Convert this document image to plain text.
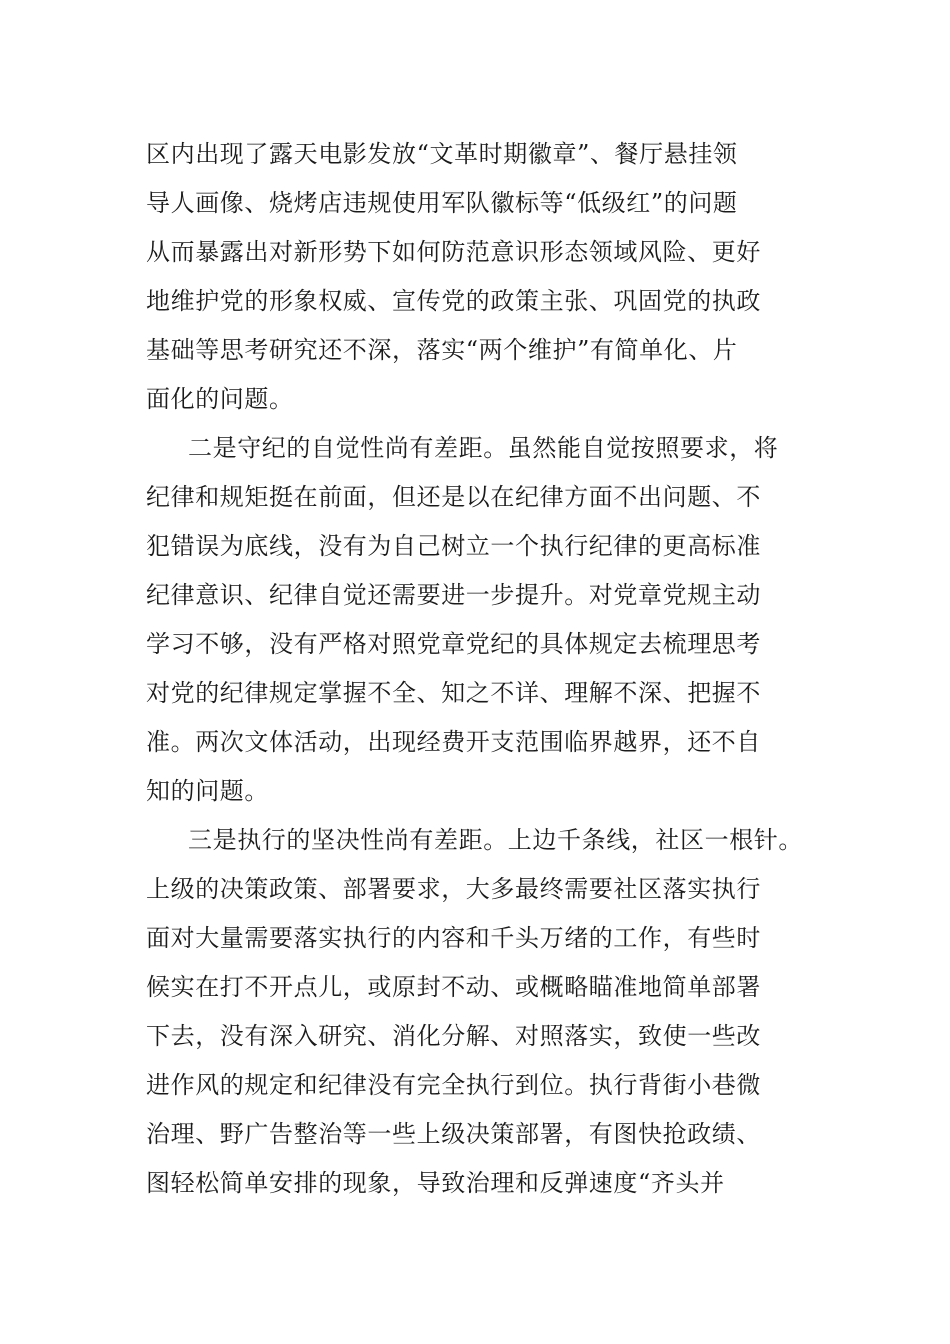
区内出现了露天电影发放“文革时期徽章”、餐厅悬挂领
导人画像、烧烤店违规使用军队徽标等“低级红”的问题
从而暴露出对新形势下如何防范意识形态领域风险、更好
地维护党的形象权威、宣传党的政策主张、巩固党的执政
基础等思考研究还不深，落实“两个维护”有简单化、片
面化的问题。
二是守纪的自觉性尚有差距。虽然能自觉按照要求，将
纪律和规矩挺在前面，但还是以在纪律方面不出问题、不
犯错误为底线，没有为自己树立一个执行纪律的更高标准
纪律意识、纪律自觉还需要进一步提升。对党章党规主动
学习不够，没有严格对照党章党纪的具体规定去梳理思考
对党的纪律规定掌握不全、知之不详、理解不深、把握不
准。两次文体活动，出现经费开支范围临界越界，还不自
知的问题。
三是执行的坚决性尚有差距。上边千条线，社区一根针。
上级的决策政策、部署要求，大多最终需要社区落实执行
面对大量需要落实执行的内容和千头万绪的工作，有些时
候实在打不开点儿，或原封不动、或概略瞄准地简单部署
下去，没有深入研究、消化分解、对照落实，致使一些改
进作风的规定和纪律没有完全执行到位。执行背街小巷微
治理、野广告整治等一些上级决策部署，有图快抢政绩、
图轻松简单安排的现象，导致治理和反弹速度“齐头并
